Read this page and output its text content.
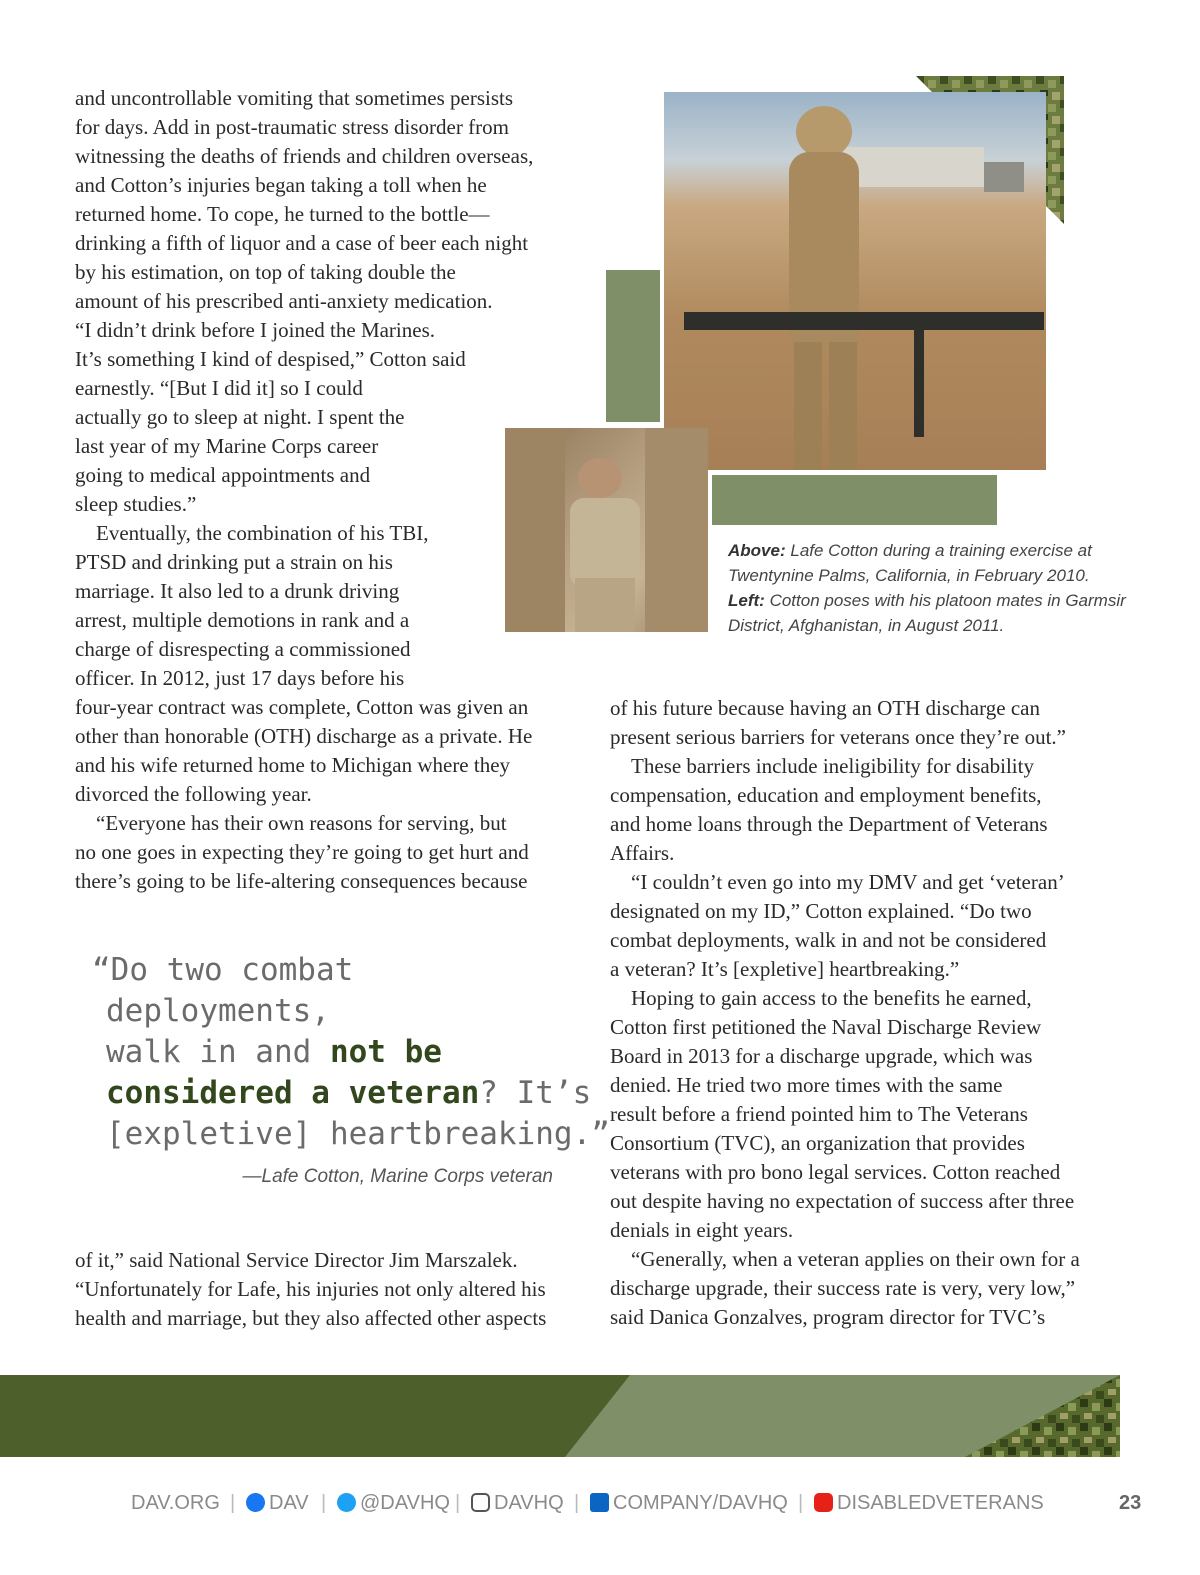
and uncontrollable vomiting that sometimes persists
for days. Add in post-traumatic stress disorder from
witnessing the deaths of friends and children overseas,
and Cotton’s injuries began taking a toll when he
returned home. To cope, he turned to the bottle—
drinking a fifth of liquor and a case of beer each night
by his estimation, on top of taking double the
amount of his prescribed anti-anxiety medication.
“I didn’t drink before I joined the Marines.
It’s something I kind of despised,” Cotton said
earnestly. “[But I did it] so I could
actually go to sleep at night. I spent the
last year of my Marine Corps career
going to medical appointments and
sleep studies.”
Eventually, the combination of his TBI,
PTSD and drinking put a strain on his
marriage. It also led to a drunk driving
arrest, multiple demotions in rank and a
charge of disrespecting a commissioned
officer. In 2012, just 17 days before his
four-year contract was complete, Cotton was given an
other than honorable (OTH) discharge as a private. He
and his wife returned home to Michigan where they
divorced the following year.
“Everyone has their own reasons for serving, but
no one goes in expecting they’re going to get hurt and
there’s going to be life-altering consequences because
“Do two combat
deployments,
walk in and not be
considered a veteran? It’s
[expletive] heartbreaking.”
—Lafe Cotton, Marine Corps veteran
of it,” said National Service Director Jim Marszalek.
“Unfortunately for Lafe, his injuries not only altered his
health and marriage, but they also affected other aspects
of his future because having an OTH discharge can
present serious barriers for veterans once they’re out.”
These barriers include ineligibility for disability
compensation, education and employment benefits,
and home loans through the Department of Veterans
Affairs.
“I couldn’t even go into my DMV and get ‘veteran’
designated on my ID,” Cotton explained. “Do two
combat deployments, walk in and not be considered
a veteran? It’s [expletive] heartbreaking.”
Hoping to gain access to the benefits he earned,
Cotton first petitioned the Naval Discharge Review
Board in 2013 for a discharge upgrade, which was
denied. He tried two more times with the same
result before a friend pointed him to The Veterans
Consortium (TVC), an organization that provides
veterans with pro bono legal services. Cotton reached
out despite having no expectation of success after three
denials in eight years.
“Generally, when a veteran applies on their own for a
discharge upgrade, their success rate is very, very low,”
said Danica Gonzalves, program director for TVC’s
Above: Lafe Cotton during a training exercise at Twentynine Palms, California, in February 2010.
Left: Cotton poses with his platoon mates in Garmsir District, Afghanistan, in August 2011.
DAV.ORG |	DAV |	@DAVHQ |	DAVHQ |	COMPANY/DAVHQ |	DISABLEDVETERANS	23
